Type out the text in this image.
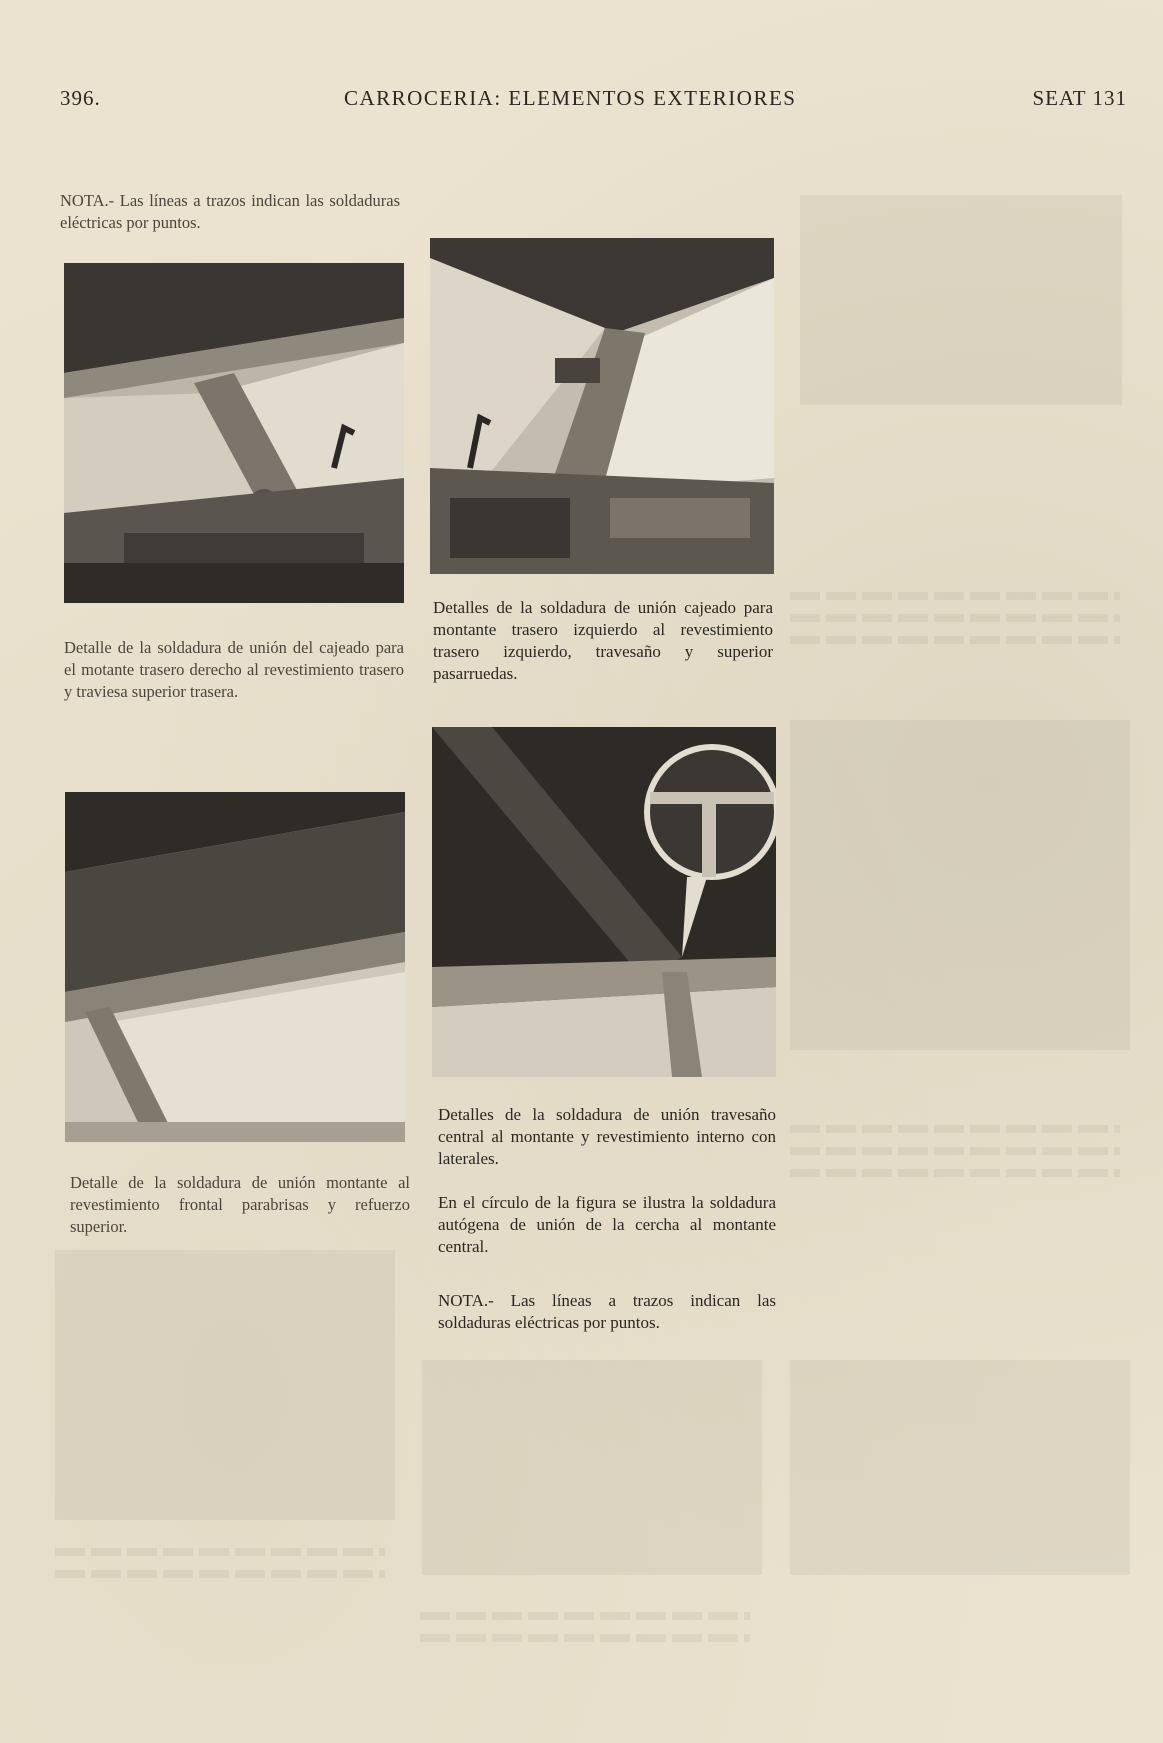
396.	CARROCERIA: ELEMENTOS EXTERIORES	SEAT 131
NOTA.- Las líneas a trazos indican las soldaduras eléctricas por puntos.
Detalle de la soldadura de unión del cajeado para el motante trasero derecho al revestimiento trasero y traviesa superior trasera.
Detalles de la soldadura de unión cajeado para montante trasero izquierdo al revestimiento trasero izquierdo, travesaño y superior pasarruedas.
Detalle de la soldadura de unión montante al revestimiento frontal parabrisas y refuerzo superior.
Detalles de la soldadura de unión travesaño central al montante y revestimiento interno con laterales.
En el círculo de la figura se ilustra la soldadura autógena de unión de la cercha al montante central.
NOTA.- Las líneas a trazos indican las soldaduras eléctricas por puntos.
